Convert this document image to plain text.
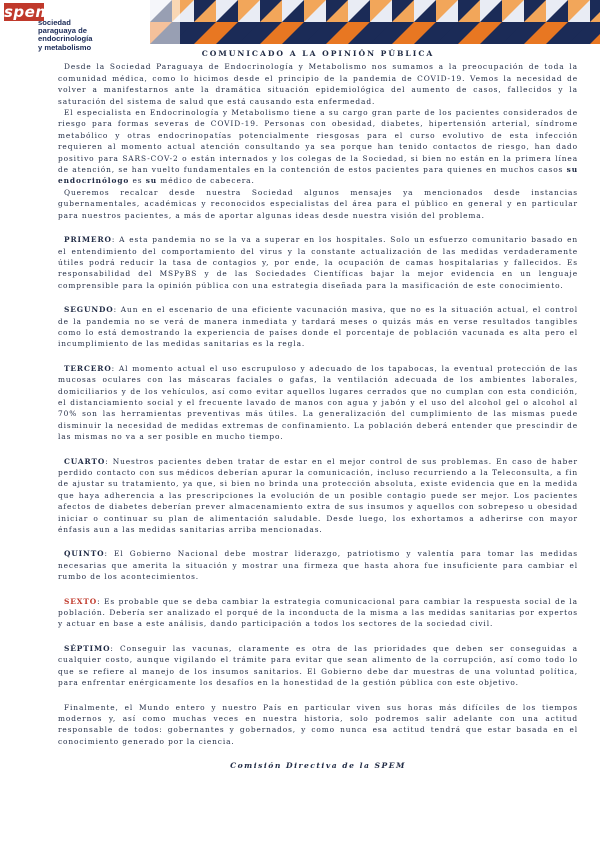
spem
sociedad
paraguaya de
endocrinología
y metabolismo
COMUNICADO A LA OPINIÓN PÚBLICA

Desde la Sociedad Paraguaya de Endocrinología y Metabolismo nos sumamos a la preocupación de toda la comunidad médica, como lo hicimos desde el principio de la pandemia de COVID-19. Vemos la necesidad de volver a manifestarnos ante la dramática situación epidemiológica del aumento de casos, fallecidos y la saturación del sistema de salud que está causando esta enfermedad.

El especialista en Endocrinología y Metabolismo tiene a su cargo gran parte de los pacientes considerados de riesgo para formas severas de COVID-19. Personas con obesidad, diabetes, hipertensión arterial, síndrome metabólico y otras endocrinopatías potencialmente riesgosas para el curso evolutivo de esta infección requieren al momento actual atención consultando ya sea porque han tenido contactos de riesgo, han dado positivo para SARS-COV-2 o están internados y los colegas de la Sociedad, si bien no están en la primera línea de atención, se han vuelto fundamentales en la contención de estos pacientes para quienes en muchos casos su endocrinólogo es su médico de cabecera.

Queremos recalcar desde nuestra Sociedad algunos mensajes ya mencionados desde instancias gubernamentales, académicas y reconocidos especialistas del área para el público en general y en particular para nuestros pacientes, a más de aportar algunas ideas desde nuestra visión del problema.

PRIMERO: A esta pandemia no se la va a superar en los hospitales. Solo un esfuerzo comunitario basado en el entendimiento del comportamiento del virus y la constante actualización de las medidas verdaderamente útiles podrá reducir la tasa de contagios y, por ende, la ocupación de camas hospitalarias y fallecidos. Es responsabilidad del MSPyBS y de las Sociedades Científicas bajar la mejor evidencia en un lenguaje comprensible para la opinión pública con una estrategia diseñada para la masificación de este conocimiento.

SEGUNDO: Aun en el escenario de una eficiente vacunación masiva, que no es la situación actual, el control de la pandemia no se verá de manera inmediata y tardará meses o quizás más en verse resultados tangibles como lo está demostrando la experiencia de países donde el porcentaje de población vacunada es alta pero el incumplimiento de las medidas sanitarias es la regla.

TERCERO: Al momento actual el uso escrupuloso y adecuado de los tapabocas, la eventual protección de las mucosas oculares con las máscaras faciales o gafas, la ventilación adecuada de los ambientes laborales, domiciliarios y de los vehículos, así como evitar aquellos lugares cerrados que no cumplan con esta condición, el distanciamiento social y el frecuente lavado de manos con agua y jabón y el uso del alcohol gel o alcohol al 70% son las herramientas preventivas más útiles. La generalización del cumplimiento de las mismas puede disminuir la necesidad de medidas extremas de confinamiento. La población deberá entender que prescindir de las mismas no va a ser posible en mucho tiempo.

CUARTO: Nuestros pacientes deben tratar de estar en el mejor control de sus problemas. En caso de haber perdido contacto con sus médicos deberían apurar la comunicación, incluso recurriendo a la Teleconsulta, a fin de ajustar su tratamiento, ya que, si bien no brinda una protección absoluta, existe evidencia que en la medida que haya adherencia a las prescripciones la evolución de un posible contagio puede ser mejor. Los pacientes afectos de diabetes deberían prever almacenamiento extra de sus insumos y aquellos con sobrepeso u obesidad iniciar o continuar su plan de alimentación saludable. Desde luego, los exhortamos a adherirse con mayor énfasis aun a las medidas sanitarias arriba mencionadas.

QUINTO: El Gobierno Nacional debe mostrar liderazgo, patriotismo y valentía para tomar las medidas necesarias que amerita la situación y mostrar una firmeza que hasta ahora fue insuficiente para cambiar el rumbo de los acontecimientos.

SEXTO: Es probable que se deba cambiar la estrategia comunicacional para cambiar la respuesta social de la población. Debería ser analizado el porqué de la inconducta de la misma a las medidas sanitarias por expertos y actuar en base a este análisis, dando participación a todos los sectores de la sociedad civil.

SÉPTIMO: Conseguir las vacunas, claramente es otra de las prioridades que deben ser conseguidas a cualquier costo, aunque vigilando el trámite para evitar que sean alimento de la corrupción, así como todo lo que se refiere al manejo de los insumos sanitarios. El Gobierno debe dar muestras de una voluntad política, para enfrentar enérgicamente los desafíos en la honestidad de la gestión pública con este objetivo.

Finalmente, el Mundo entero y nuestro País en particular viven sus horas más difíciles de los tiempos modernos y, así como muchas veces en nuestra historia, solo podremos salir adelante con una actitud responsable de todos: gobernantes y gobernados, y como nunca esa actitud tendrá que estar basada en el conocimiento generado por la ciencia.

Comisión Directiva de la SPEM
